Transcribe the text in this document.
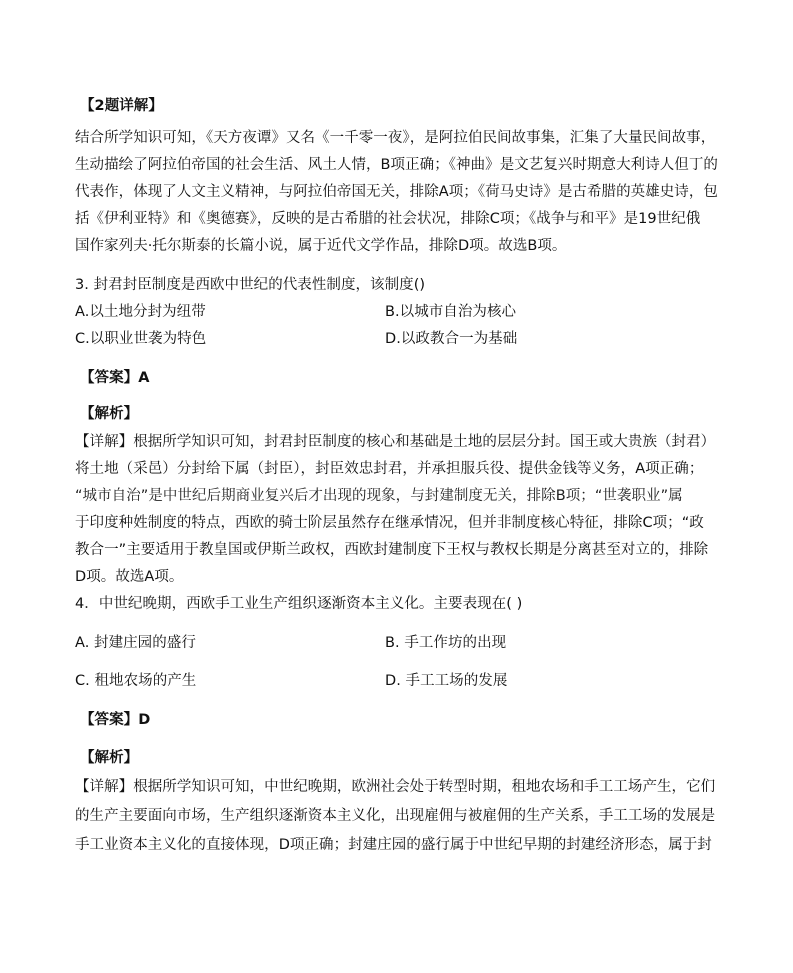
【2题详解】
结合所学知识可知，《天方夜谭》又名《一千零一夜》，是阿拉伯民间故事集，汇集了大量民间故事，
生动描绘了阿拉伯帝国的社会生活、风土人情，B项正确；《神曲》是文艺复兴时期意大利诗人但丁的
代表作，体现了人文主义精神，与阿拉伯帝国无关，排除A项；《荷马史诗》是古希腊的英雄史诗，包
括《伊利亚特》和《奥德赛》，反映的是古希腊的社会状况，排除C项；《战争与和平》是19世纪俄
国作家列夫·托尔斯泰的长篇小说，属于近代文学作品，排除D项。故选B项。
3. 封君封臣制度是西欧中世纪的代表性制度，该制度()
A.以土地分封为纽带	B.以城市自治为核心
C.以职业世袭为特色	D.以政教合一为基础
【答案】A
【解析】
【详解】根据所学知识可知，封君封臣制度的核心和基础是土地的层层分封。国王或大贵族（封君）
将土地（采邑）分封给下属（封臣），封臣效忠封君，并承担服兵役、提供金钱等义务，A项正确；
“城市自治”是中世纪后期商业复兴后才出现的现象，与封建制度无关，排除B项；“世袭职业”属
于印度种姓制度的特点，西欧的骑士阶层虽然存在继承情况，但并非制度核心特征，排除C项；“政
教合一”主要适用于教皇国或伊斯兰政权，西欧封建制度下王权与教权长期是分离甚至对立的，排除
D项。故选A项。
4．中世纪晚期，西欧手工业生产组织逐渐资本主义化。主要表现在( )
A. 封建庄园的盛行	B. 手工作坊的出现
C. 租地农场的产生	D. 手工工场的发展
【答案】D
【解析】
【详解】根据所学知识可知，中世纪晚期，欧洲社会处于转型时期，租地农场和手工工场产生，它们
的生产主要面向市场，生产组织逐渐资本主义化，出现雇佣与被雇佣的生产关系，手工工场的发展是
手工业资本主义化的直接体现，D项正确；封建庄园的盛行属于中世纪早期的封建经济形态，属于封
